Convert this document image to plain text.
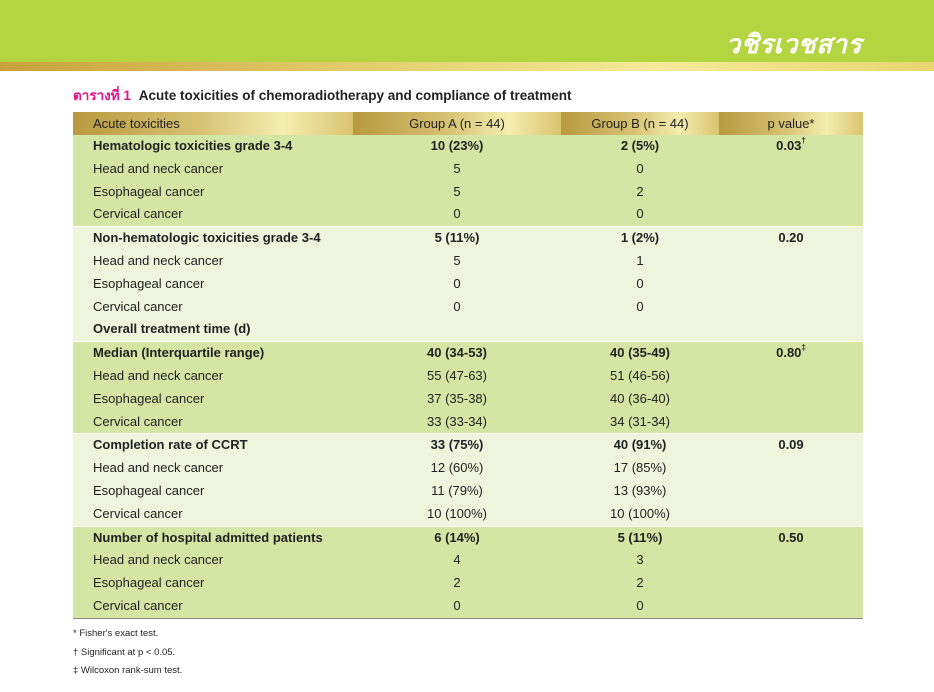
วชิรเวชสาร
ตารางที่ 1 Acute toxicities of chemoradiotherapy and compliance of treatment
Acute toxicities	Group A (n = 44)	Group B (n = 44)	p value*
Hematologic toxicities grade 3-4	10 (23%)	2 (5%)	0.03†
Head and neck cancer	5	0	
Esophageal cancer	5	2	
Cervical cancer	0	0	
Non-hematologic toxicities grade 3-4	5 (11%)	1 (2%)	0.20
Head and neck cancer	5	1	
Esophageal cancer	0	0	
Cervical cancer	0	0	
Overall treatment time (d)			
Median (Interquartile range)	40 (34-53)	40 (35-49)	0.80‡
Head and neck cancer	55 (47-63)	51 (46-56)	
Esophageal cancer	37 (35-38)	40 (36-40)	
Cervical cancer	33 (33-34)	34 (31-34)	
Completion rate of CCRT	33 (75%)	40 (91%)	0.09
Head and neck cancer	12 (60%)	17 (85%)	
Esophageal cancer	11 (79%)	13 (93%)	
Cervical cancer	10 (100%)	10 (100%)	
Number of hospital admitted patients	6 (14%)	5 (11%)	0.50
Head and neck cancer	4	3	
Esophageal cancer	2	2	
Cervical cancer	0	0	
* Fisher's exact test.
† Significant at p < 0.05.
‡ Wilcoxon rank-sum test.
